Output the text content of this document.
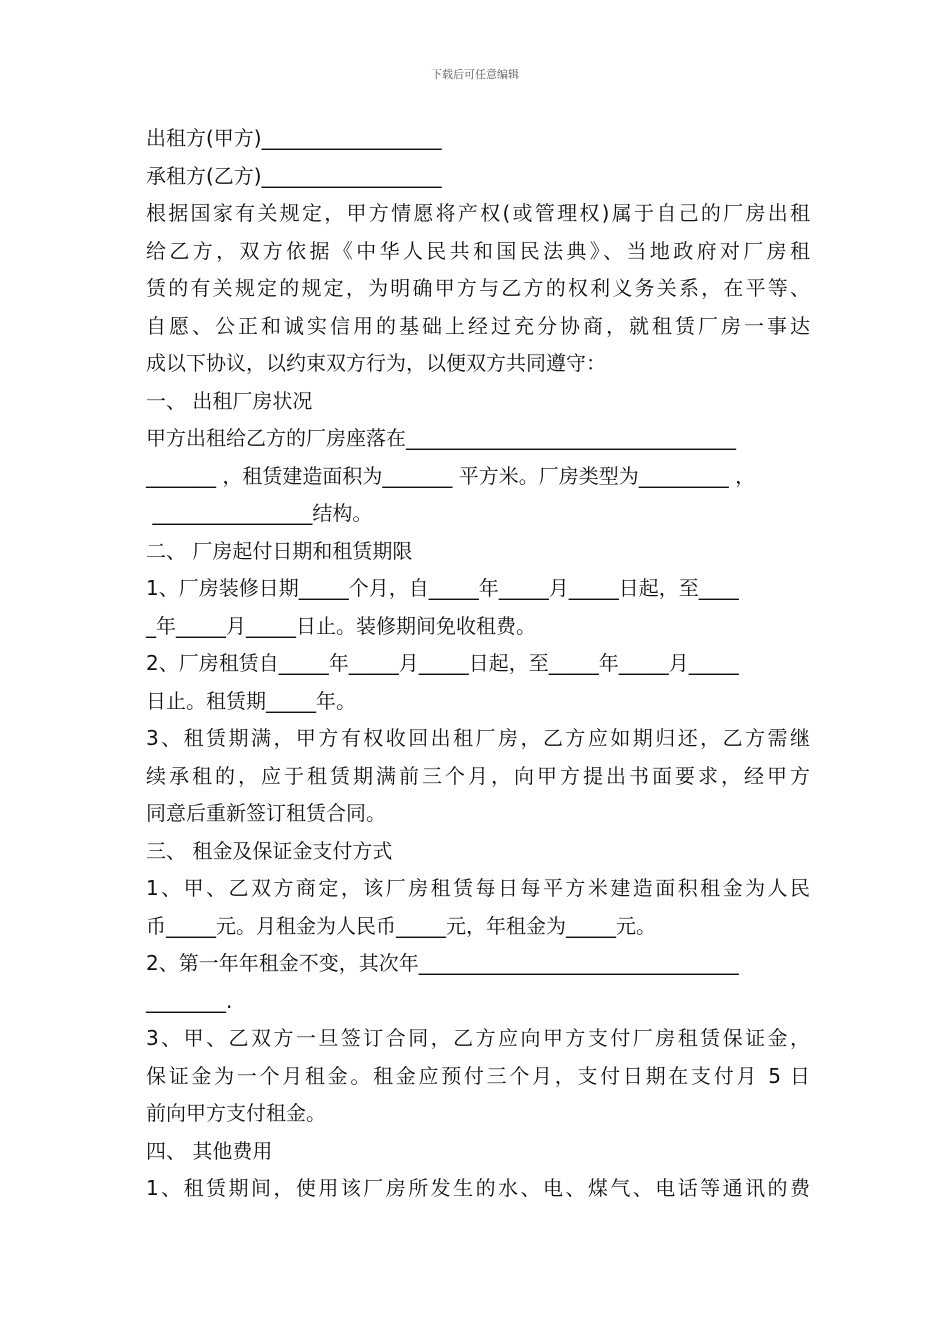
下载后可任意编辑
出租方(甲方)__________________
承租方(乙方)__________________
根据国家有关规定，甲方情愿将产权(或管理权)属于自己的厂房出租
给乙方，双方依据《中华人民共和国民法典》、当地政府对厂房租
赁的有关规定的规定，为明确甲方与乙方的权利义务关系，在平等、
自愿、公正和诚实信用的基础上经过充分协商，就租赁厂房一事达
成以下协议，以约束双方行为，以便双方共同遵守：
一、 出租厂房状况
甲方出租给乙方的厂房座落在_________________________________
_______ ，租赁建造面积为_______ 平方米。厂房类型为_________ ，
________________结构。
二、 厂房起付日期和租赁期限
1、厂房装修日期_____个月，自_____年_____月_____日起，至____
_年_____月_____日止。装修期间免收租费。
2、厂房租赁自_____年_____月_____日起，至_____年_____月_____
日止。租赁期_____年。
3、租赁期满，甲方有权收回出租厂房，乙方应如期归还，乙方需继
续承租的，应于租赁期满前三个月，向甲方提出书面要求，经甲方
同意后重新签订租赁合同。
三、 租金及保证金支付方式
1、甲、乙双方商定，该厂房租赁每日每平方米建造面积租金为人民
币_____元。月租金为人民币_____元，年租金为_____元。
2、第一年年租金不变，其次年________________________________
________.
3、甲、乙双方一旦签订合同，乙方应向甲方支付厂房租赁保证金，
保证金为一个月租金。租金应预付三个月，支付日期在支付月 5 日
前向甲方支付租金。
四、 其他费用
1、租赁期间，使用该厂房所发生的水、电、煤气、电话等通讯的费
